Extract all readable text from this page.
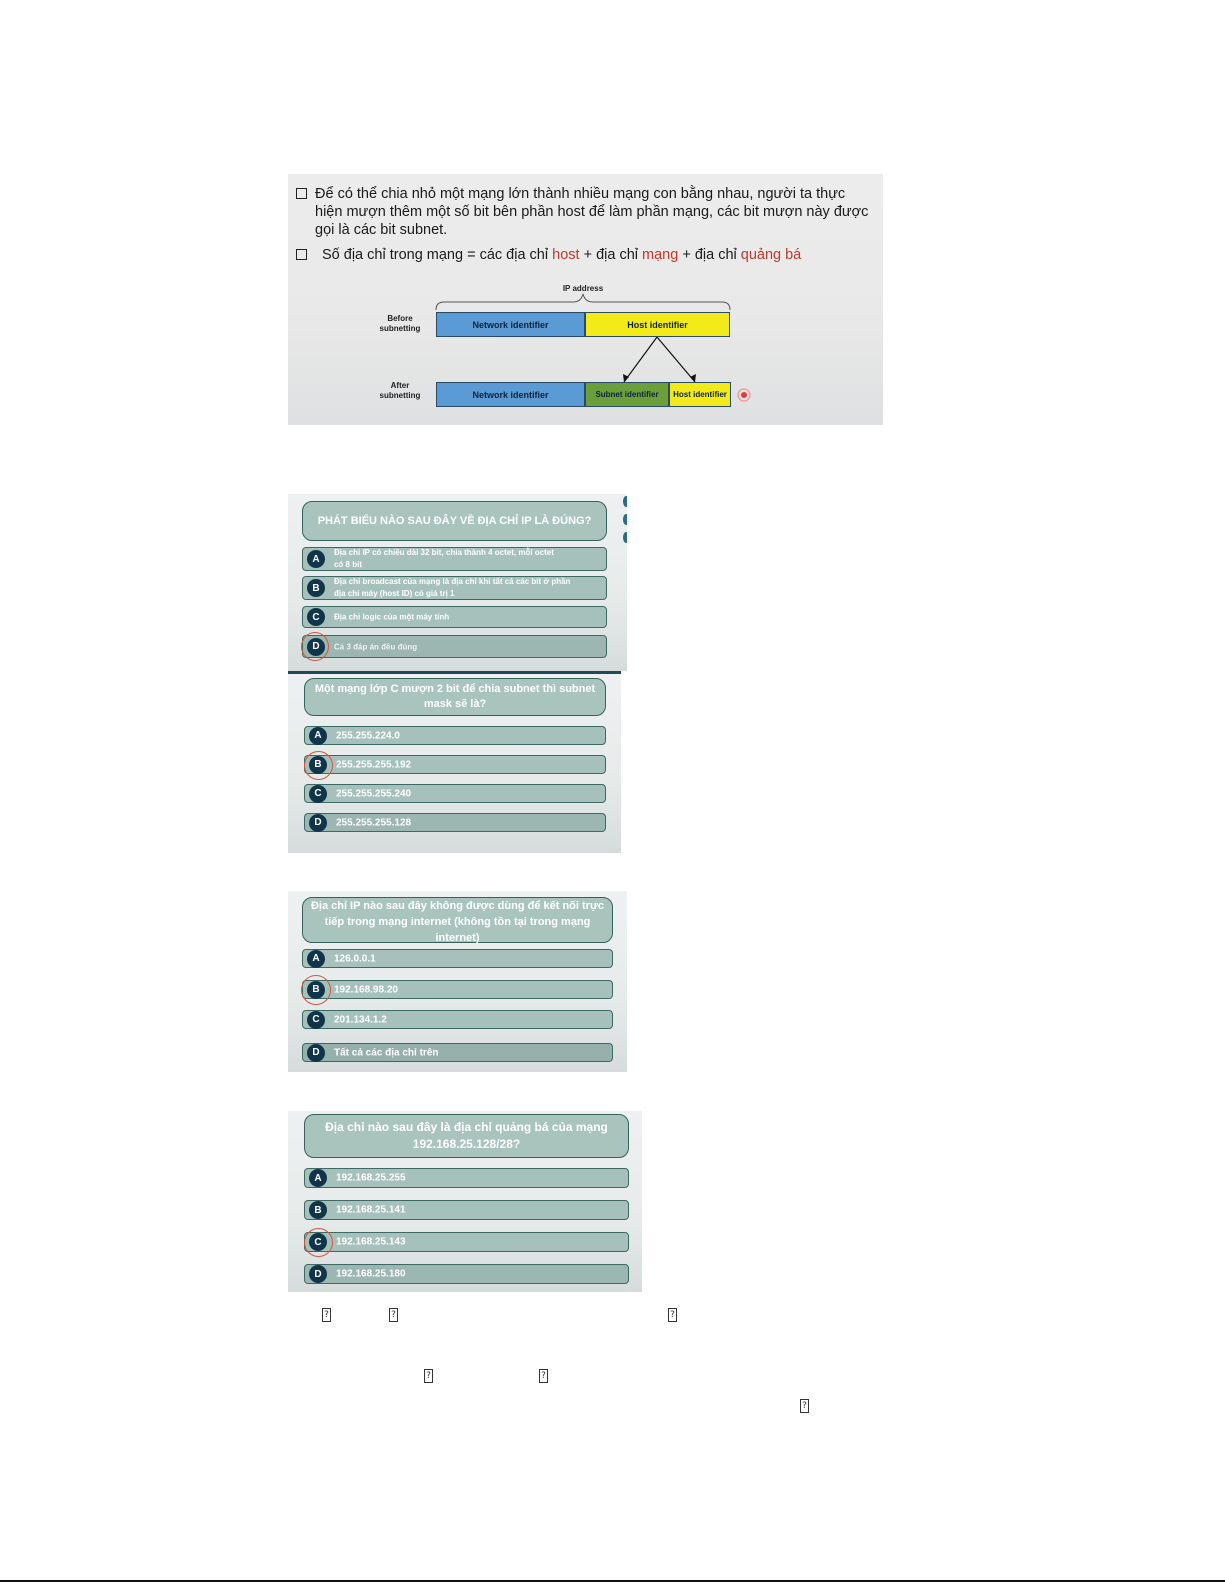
Để có thể chia nhỏ một mạng lớn thành nhiều mạng con bằng nhau, người ta thực hiện mượn thêm một số bit bên phần host để làm phần mạng, các bit mượn này được gọi là các bit subnet.
Số địa chỉ trong mạng = các địa chỉ host + địa chỉ mạng + địa chỉ quảng bá
IP address
Before
subnetting	Network identifier	Host identifier
After
subnetting	Network identifier	Subnet identifier	Host identifier
PHÁT BIỂU NÀO SAU ĐÂY VỀ ĐỊA CHỈ IP LÀ ĐÚNG?
A
Địa chỉ IP có chiều dài 32 bit, chia thành 4 octet, mỗi octet
có 8 bit
B
Địa chỉ broadcast của mạng là địa chỉ khi tất cả các bit ở phần
địa chỉ máy (host ID) có giá trị 1
C	Địa chỉ logic của một máy tính
D	Cả 3 đáp án đều đúng
Một mạng lớp C mượn 2 bit để chia subnet thì subnet mask sẽ là?
A	255.255.224.0
B	255.255.255.192
C	255.255.255.240
D	255.255.255.128
Địa chỉ IP nào sau đây không được dùng để kết nối trực tiếp trong mạng internet (không tồn tại trong mạng internet)
A	126.0.0.1
B	192.168.98.20
C	201.134.1.2
D	Tất cả các địa chỉ trên
Địa chỉ nào sau đây là địa chỉ quảng bá của mạng 192.168.25.128/28?
A	192.168.25.255
B	192.168.25.141
C	192.168.25.143
D	192.168.25.180
?	?	?
?	?
?
